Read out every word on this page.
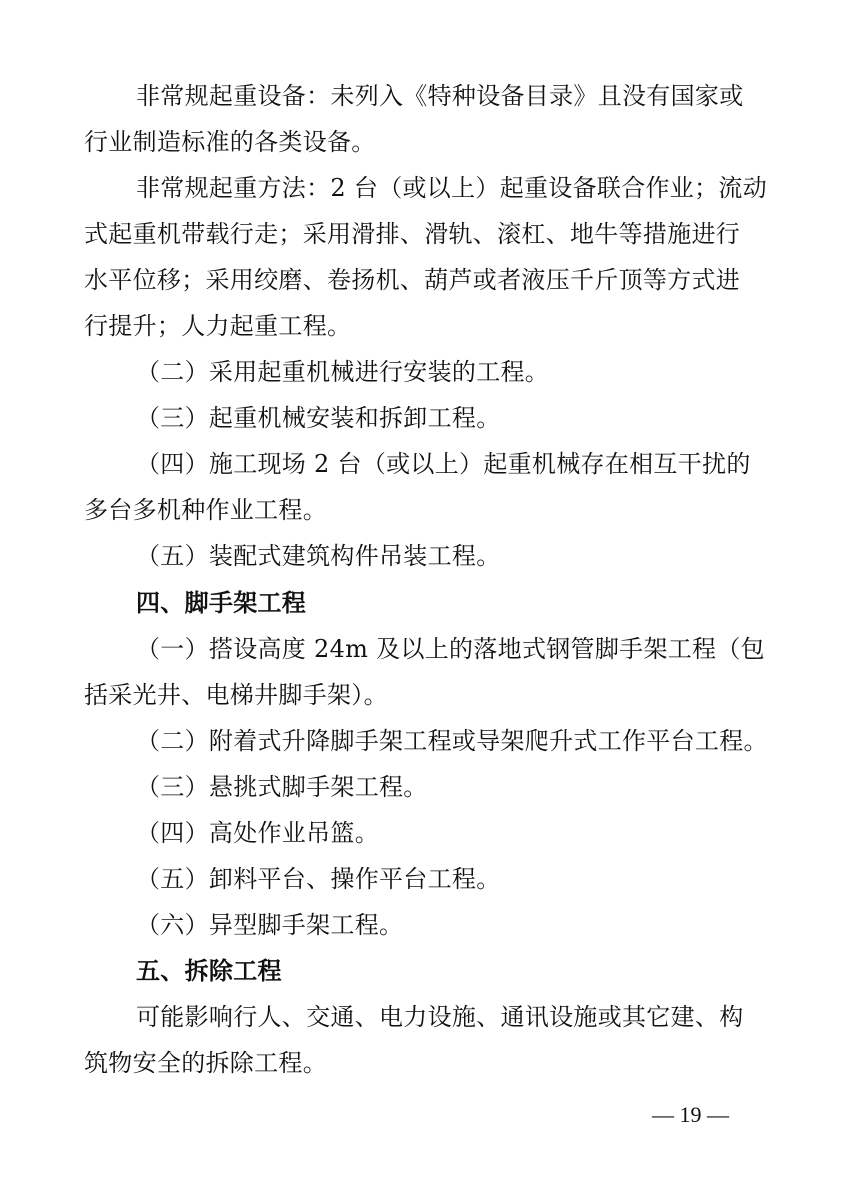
非常规起重设备：未列入《特种设备目录》且没有国家或
行业制造标准的各类设备。
非常规起重方法：2 台（或以上）起重设备联合作业；流动
式起重机带载行走；采用滑排、滑轨、滚杠、地牛等措施进行
水平位移；采用绞磨、卷扬机、葫芦或者液压千斤顶等方式进
行提升；人力起重工程。
（二）采用起重机械进行安装的工程。
（三）起重机械安装和拆卸工程。
（四）施工现场 2 台（或以上）起重机械存在相互干扰的
多台多机种作业工程。
（五）装配式建筑构件吊装工程。
四、脚手架工程
（一）搭设高度 24m 及以上的落地式钢管脚手架工程（包
括采光井、电梯井脚手架）。
（二）附着式升降脚手架工程或导架爬升式工作平台工程。
（三）悬挑式脚手架工程。
（四）高处作业吊篮。
（五）卸料平台、操作平台工程。
（六）异型脚手架工程。
五、拆除工程
可能影响行人、交通、电力设施、通讯设施或其它建、构
筑物安全的拆除工程。
— 19 —
